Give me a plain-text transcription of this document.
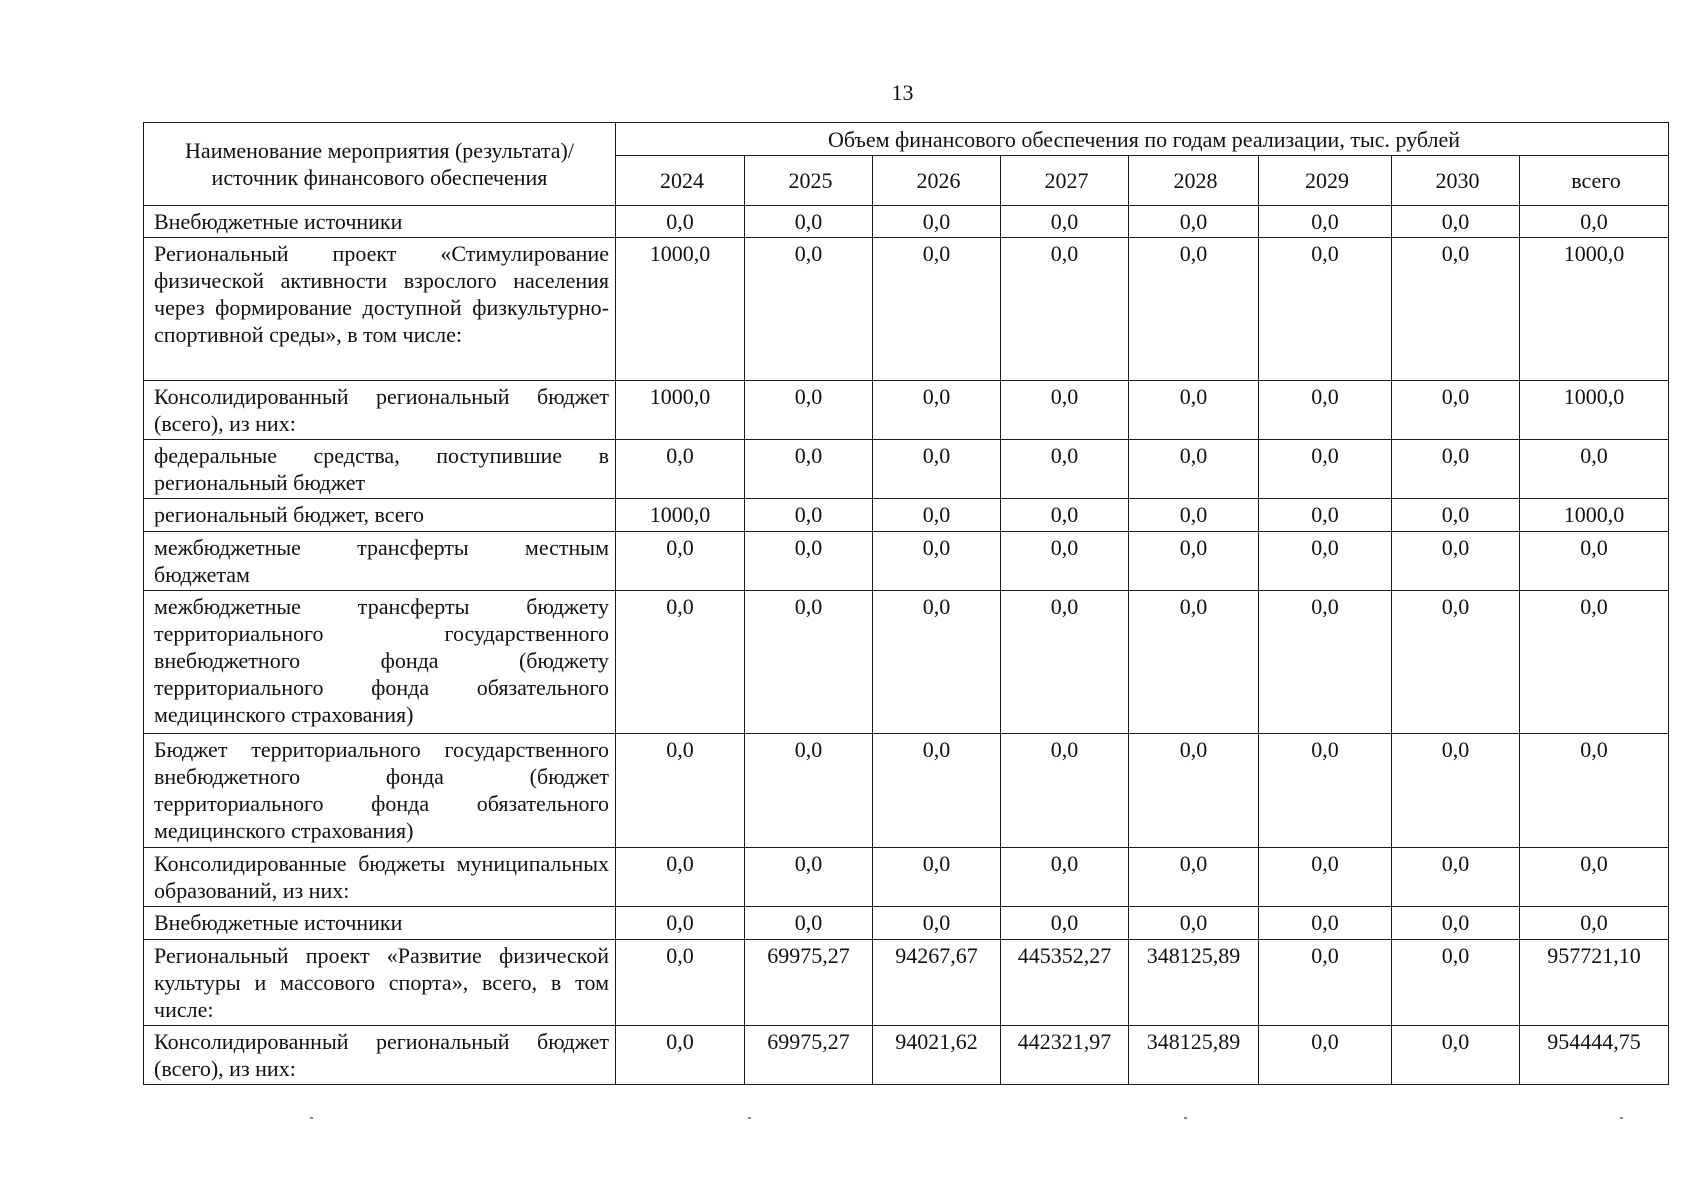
13
Наименование мероприятия (результата)/источник финансового обеспечения	Объем финансового обеспечения по годам реализации, тыс. рублей							
	2024	2025	2026	2027	2028	2029	2030	всего
Внебюджетные источники	0,0	0,0	0,0	0,0	0,0	0,0	0,0	0,0
Региональный проект «Стимулирование физической активности взрослого населения через формирование доступной физкультурно-спортивной среды», в том числе:	1000,0	0,0	0,0	0,0	0,0	0,0	0,0	1000,0
Консолидированный региональный бюджет (всего), из них:	1000,0	0,0	0,0	0,0	0,0	0,0	0,0	1000,0
федеральные средства, поступившие в региональный бюджет	0,0	0,0	0,0	0,0	0,0	0,0	0,0	0,0
региональный бюджет, всего	1000,0	0,0	0,0	0,0	0,0	0,0	0,0	1000,0
межбюджетные трансферты местным бюджетам	0,0	0,0	0,0	0,0	0,0	0,0	0,0	0,0
межбюджетные трансферты бюджету территориального государственного внебюджетного фонда (бюджету территориального фонда обязательного медицинского страхования)	0,0	0,0	0,0	0,0	0,0	0,0	0,0	0,0
Бюджет территориального государственного внебюджетного фонда (бюджет территориального фонда обязательного медицинского страхования)	0,0	0,0	0,0	0,0	0,0	0,0	0,0	0,0
Консолидированные бюджеты муниципальных образований, из них:	0,0	0,0	0,0	0,0	0,0	0,0	0,0	0,0
Внебюджетные источники	0,0	0,0	0,0	0,0	0,0	0,0	0,0	0,0
Региональный проект «Развитие физической культуры и массового спорта», всего, в том числе:	0,0	69975,27	94267,67	445352,27	348125,89	0,0	0,0	957721,10
Консолидированный региональный бюджет (всего), из них:	0,0	69975,27	94021,62	442321,97	348125,89	0,0	0,0	954444,75
